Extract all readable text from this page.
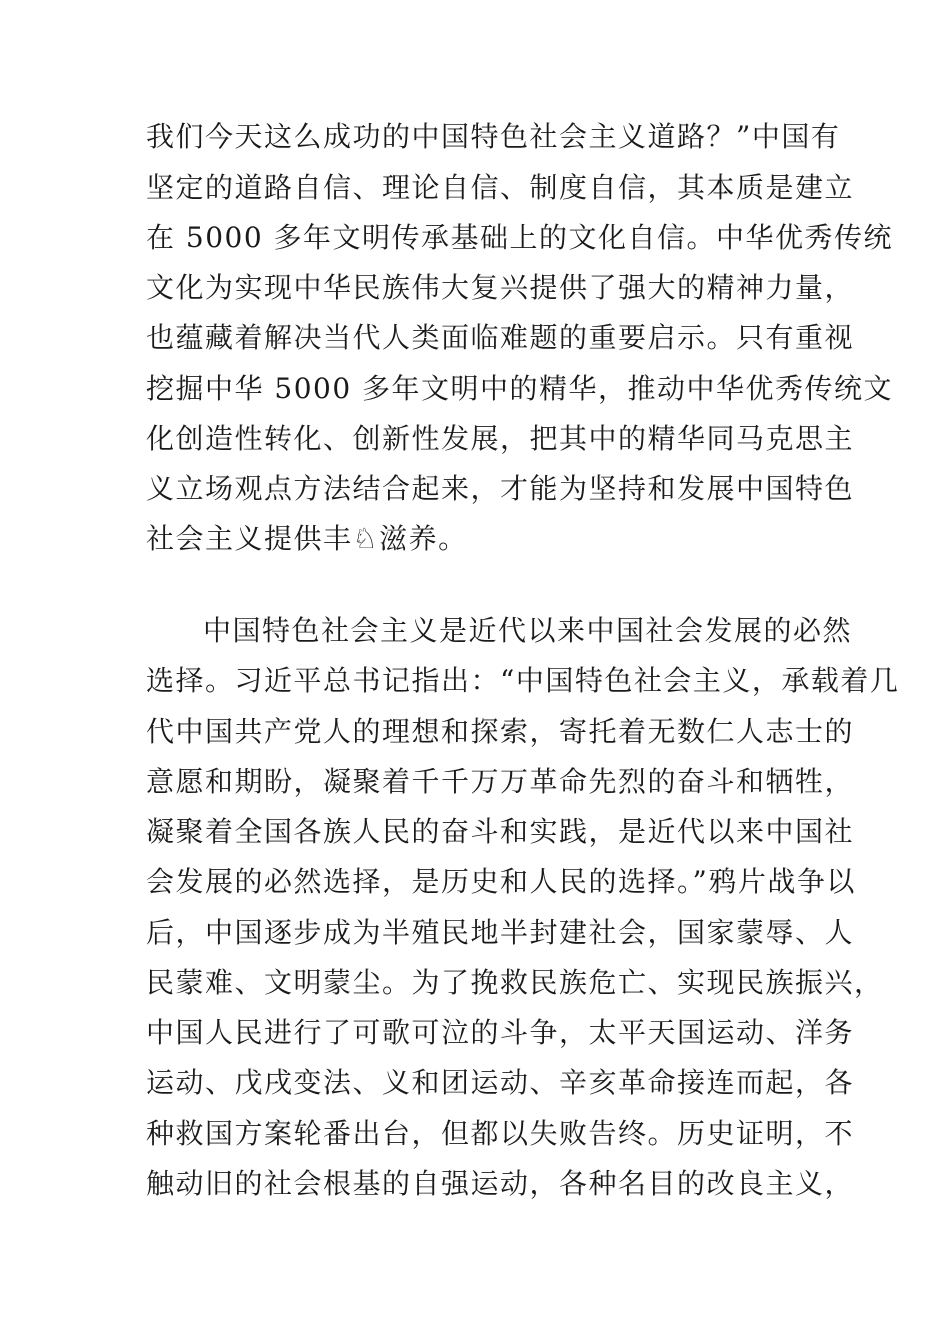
我们今天这么成功的中国特色社会主义道路？”中国有
坚定的道路自信、理论自信、制度自信，其本质是建立
在 5000 多年文明传承基础上的文化自信。中华优秀传统
文化为实现中华民族伟大复兴提供了强大的精神力量，
也蕴藏着解决当代人类面临难题的重要启示。只有重视
挖掘中华 5000 多年文明中的精华，推动中华优秀传统文
化创造性转化、创新性发展，把其中的精华同马克思主
义立场观点方法结合起来，才能为坚持和发展中国特色
社会主义提供丰♘滋养。
中国特色社会主义是近代以来中国社会发展的必然
选择。习近平总书记指出：“中国特色社会主义，承载着几
代中国共产党人的理想和探索，寄托着无数仁人志士的
意愿和期盼，凝聚着千千万万革命先烈的奋斗和牺牲，
凝聚着全国各族人民的奋斗和实践，是近代以来中国社
会发展的必然选择，是历史和人民的选择。”鸦片战争以
后，中国逐步成为半殖民地半封建社会，国家蒙辱、人
民蒙难、文明蒙尘。为了挽救民族危亡、实现民族振兴，
中国人民进行了可歌可泣的斗争，太平天国运动、洋务
运动、戊戌变法、义和团运动、辛亥革命接连而起，各
种救国方案轮番出台，但都以失败告终。历史证明，不
触动旧的社会根基的自强运动，各种名目的改良主义，
